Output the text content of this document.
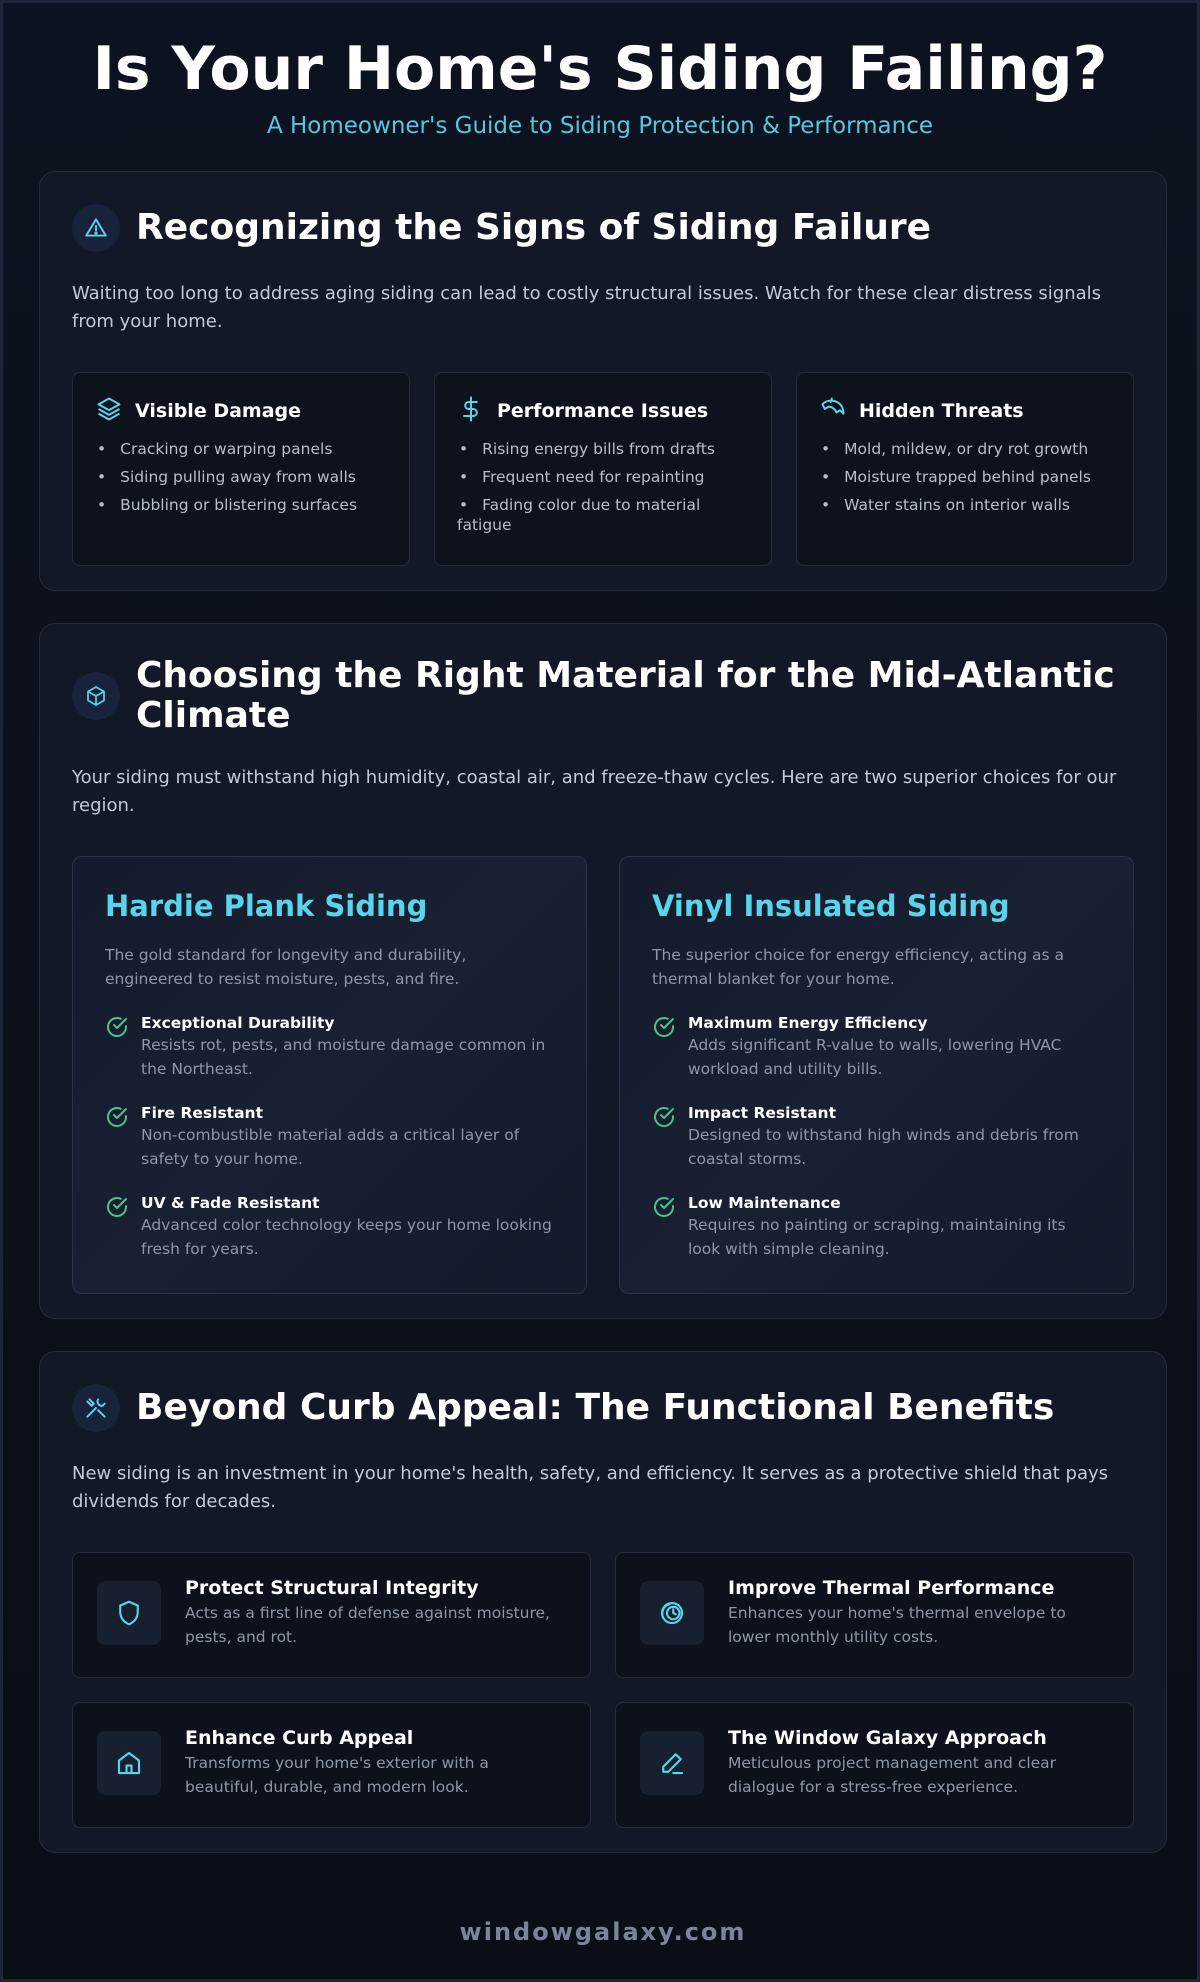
Is Your Home's Siding Failing?
A Homeowner's Guide to Siding Protection & Performance
Recognizing the Signs of Siding Failure

Waiting too long to address aging siding can lead to costly structural issues. Watch for these clear distress signals from your home.

Visible Damage
• Cracking or warping panels
• Siding pulling away from walls
• Bubbling or blistering surfaces
Performance Issues
• Rising energy bills from drafts
• Frequent need for repainting
• Fading color due to material fatigue
Hidden Threats
• Mold, mildew, or dry rot growth
• Moisture trapped behind panels
• Water stains on interior walls
Choosing the Right Material for the Mid-Atlantic Climate

Your siding must withstand high humidity, coastal air, and freeze-thaw cycles. Here are two superior choices for our region.

Hardie Plank Siding

The gold standard for longevity and durability, engineered to resist moisture, pests, and fire.

Exceptional Durability
Resists rot, pests, and moisture damage common in the Northeast.
Fire Resistant
Non-combustible material adds a critical layer of safety to your home.
UV & Fade Resistant
Advanced color technology keeps your home looking fresh for years.
Vinyl Insulated Siding

The superior choice for energy efficiency, acting as a thermal blanket for your home.

Maximum Energy Efficiency
Adds significant R-value to walls, lowering HVAC workload and utility bills.
Impact Resistant
Designed to withstand high winds and debris from coastal storms.
Low Maintenance
Requires no painting or scraping, maintaining its look with simple cleaning.
Beyond Curb Appeal: The Functional Benefits

New siding is an investment in your home's health, safety, and efficiency. It serves as a protective shield that pays dividends for decades.

Protect Structural Integrity
Acts as a first line of defense against moisture, pests, and rot.
Improve Thermal Performance
Enhances your home's thermal envelope to lower monthly utility costs.
Enhance Curb Appeal
Transforms your home's exterior with a beautiful, durable, and modern look.
The Window Galaxy Approach
Meticulous project management and clear dialogue for a stress-free experience.
windowgalaxy.com
